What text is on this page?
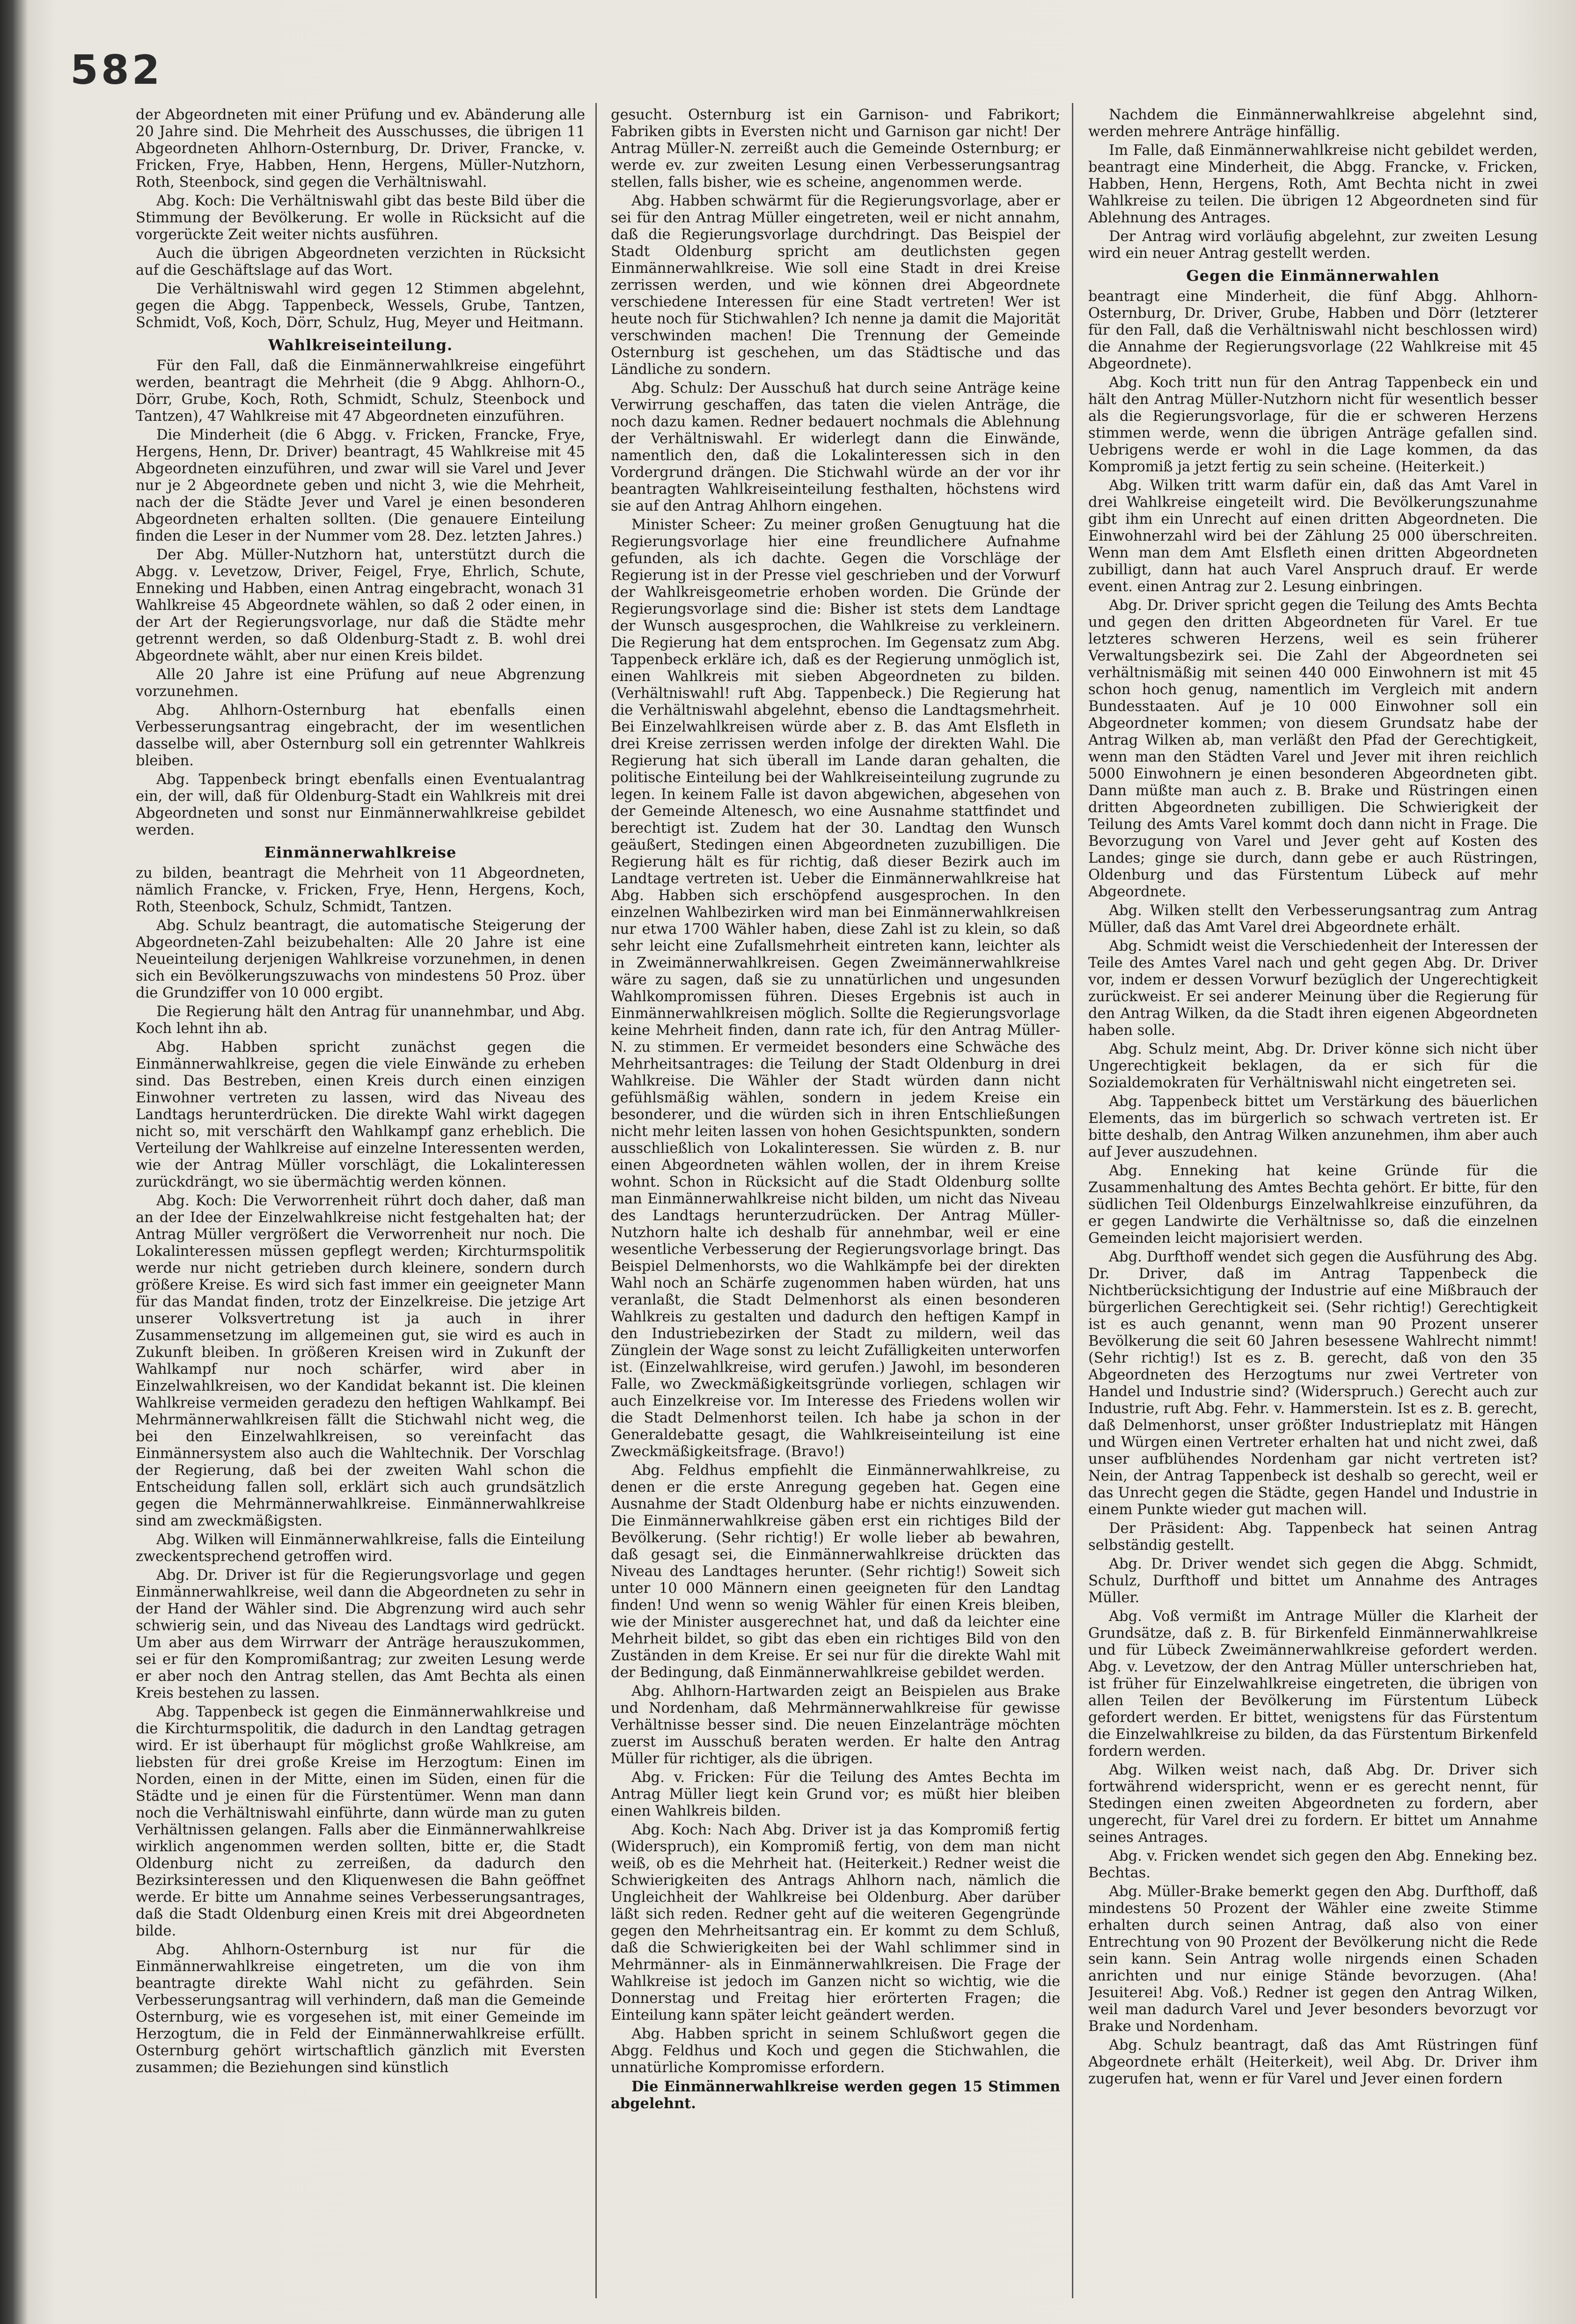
582

der Abgeordneten mit einer Prüfung und ev. Abänderung alle 20 Jahre sind. Die Mehrheit des Ausschusses, die übrigen 11 Abgeordneten Ahlhorn-Osternburg, Dr. Driver, Francke, v. Fricken, Frye, Habben, Henn, Hergens, Müller-Nutzhorn, Roth, Steenbock, sind gegen die Verhältniswahl.

Abg. Koch: Die Verhältniswahl gibt das beste Bild über die Stimmung der Bevölkerung. Er wolle in Rücksicht auf die vorgerückte Zeit weiter nichts ausführen.

Auch die übrigen Abgeordneten verzichten in Rücksicht auf die Geschäftslage auf das Wort.

Die Verhältniswahl wird gegen 12 Stimmen abgelehnt, gegen die Abgg. Tappenbeck, Wessels, Grube, Tantzen, Schmidt, Voß, Koch, Dörr, Schulz, Hug, Meyer und Heitmann.

Wahlkreiseinteilung.

Für den Fall, daß die Einmännerwahlkreise eingeführt werden, beantragt die Mehrheit (die 9 Abgg. Ahlhorn-O., Dörr, Grube, Koch, Roth, Schmidt, Schulz, Steenbock und Tantzen), 47 Wahlkreise mit 47 Abgeordneten einzuführen.

Die Minderheit (die 6 Abgg. v. Fricken, Francke, Frye, Hergens, Henn, Dr. Driver) beantragt, 45 Wahlkreise mit 45 Abgeordneten einzuführen, und zwar will sie Varel und Jever nur je 2 Abgeordnete geben und nicht 3, wie die Mehrheit, nach der die Städte Jever und Varel je einen besonderen Abgeordneten erhalten sollten. (Die genauere Einteilung finden die Leser in der Nummer vom 28. Dez. letzten Jahres.)

Der Abg. Müller-Nutzhorn hat, unterstützt durch die Abgg. v. Levetzow, Driver, Feigel, Frye, Ehrlich, Schute, Enneking und Habben, einen Antrag eingebracht, wonach 31 Wahlkreise 45 Abgeordnete wählen, so daß 2 oder einen, in der Art der Regierungsvorlage, nur daß die Städte mehr getrennt werden, so daß Oldenburg-Stadt z. B. wohl drei Abgeordnete wählt, aber nur einen Kreis bildet.

Alle 20 Jahre ist eine Prüfung auf neue Abgrenzung vorzunehmen.

Abg. Ahlhorn-Osternburg hat ebenfalls einen Verbesserungsantrag eingebracht, der im wesentlichen dasselbe will, aber Osternburg soll ein getrennter Wahlkreis bleiben.

Abg. Tappenbeck bringt ebenfalls einen Eventualantrag ein, der will, daß für Oldenburg-Stadt ein Wahlkreis mit drei Abgeordneten und sonst nur Einmännerwahlkreise gebildet werden.

Einmännerwahlkreise

zu bilden, beantragt die Mehrheit von 11 Abgeordneten, nämlich Francke, v. Fricken, Frye, Henn, Hergens, Koch, Roth, Steenbock, Schulz, Schmidt, Tantzen.

Abg. Schulz beantragt, die automatische Steigerung der Abgeordneten-Zahl beizubehalten: Alle 20 Jahre ist eine Neueinteilung derjenigen Wahlkreise vorzunehmen, in denen sich ein Bevölkerungszuwachs von mindestens 50 Proz. über die Grundziffer von 10 000 ergibt.

Die Regierung hält den Antrag für unannehmbar, und Abg. Koch lehnt ihn ab.

Abg. Habben spricht zunächst gegen die Einmännerwahlkreise, gegen die viele Einwände zu erheben sind. Das Bestreben, einen Kreis durch einen einzigen Einwohner vertreten zu lassen, wird das Niveau des Landtags herunterdrücken. Die direkte Wahl wirkt dagegen nicht so, mit verschärft den Wahlkampf ganz erheblich. Die Verteilung der Wahlkreise auf einzelne Interessenten werden, wie der Antrag Müller vorschlägt, die Lokalinteressen zurückdrängt, wo sie übermächtig werden können.

Abg. Koch: Die Verworrenheit rührt doch daher, daß man an der Idee der Einzelwahlkreise nicht festgehalten hat; der Antrag Müller vergrößert die Verworrenheit nur noch. Die Lokalinteressen müssen gepflegt werden; Kirchturmspolitik werde nur nicht getrieben durch kleinere, sondern durch größere Kreise. Es wird sich fast immer ein geeigneter Mann für das Mandat finden, trotz der Einzelkreise. Die jetzige Art unserer Volksvertretung ist ja auch in ihrer Zusammensetzung im allgemeinen gut, sie wird es auch in Zukunft bleiben. In größeren Kreisen wird in Zukunft der Wahlkampf nur noch schärfer, wird aber in Einzelwahlkreisen, wo der Kandidat bekannt ist. Die kleinen Wahlkreise vermeiden geradezu den heftigen Wahlkampf. Bei Mehrmännerwahlkreisen fällt die Stichwahl nicht weg, die bei den Einzelwahlkreisen, so vereinfacht das Einmännersystem also auch die Wahltechnik. Der Vorschlag der Regierung, daß bei der zweiten Wahl schon die Entscheidung fallen soll, erklärt sich auch grundsätzlich gegen die Mehrmännerwahlkreise. Einmännerwahlkreise sind am zweckmäßigsten.

Abg. Wilken will Einmännerwahlkreise, falls die Einteilung zweckentsprechend getroffen wird.

Abg. Dr. Driver ist für die Regierungsvorlage und gegen Einmännerwahlkreise, weil dann die Abgeordneten zu sehr in der Hand der Wähler sind. Die Abgrenzung wird auch sehr schwierig sein, und das Niveau des Landtags wird gedrückt. Um aber aus dem Wirrwarr der Anträge herauszukommen, sei er für den Kompromißantrag; zur zweiten Lesung werde er aber noch den Antrag stellen, das Amt Bechta als einen Kreis bestehen zu lassen.

Abg. Tappenbeck ist gegen die Einmännerwahlkreise und die Kirchturmspolitik, die dadurch in den Landtag getragen wird. Er ist überhaupt für möglichst große Wahlkreise, am liebsten für drei große Kreise im Herzogtum: Einen im Norden, einen in der Mitte, einen im Süden, einen für die Städte und je einen für die Fürstentümer. Wenn man dann noch die Verhältniswahl einführte, dann würde man zu guten Verhältnissen gelangen. Falls aber die Einmännerwahlkreise wirklich angenommen werden sollten, bitte er, die Stadt Oldenburg nicht zu zerreißen, da dadurch den Bezirksinteressen und den Kliquenwesen die Bahn geöffnet werde. Er bitte um Annahme seines Verbesserungsantrages, daß die Stadt Oldenburg einen Kreis mit drei Abgeordneten bilde.

Abg. Ahlhorn-Osternburg ist nur für die Einmännerwahlkreise eingetreten, um die von ihm beantragte direkte Wahl nicht zu gefährden. Sein Verbesserungsantrag will verhindern, daß man die Gemeinde Osternburg, wie es vorgesehen ist, mit einer Gemeinde im Herzogtum, die in Feld der Einmännerwahlkreise erfüllt. Osternburg gehört wirtschaftlich gänzlich mit Eversten zusammen; die Beziehungen sind künstlich

gesucht. Osternburg ist ein Garnison- und Fabrikort; Fabriken gibts in Eversten nicht und Garnison gar nicht! Der Antrag Müller-N. zerreißt auch die Gemeinde Osternburg; er werde ev. zur zweiten Lesung einen Verbesserungsantrag stellen, falls bisher, wie es scheine, angenommen werde.

Abg. Habben schwärmt für die Regierungsvorlage, aber er sei für den Antrag Müller eingetreten, weil er nicht annahm, daß die Regierungsvorlage durchdringt. Das Beispiel der Stadt Oldenburg spricht am deutlichsten gegen Einmännerwahlkreise. Wie soll eine Stadt in drei Kreise zerrissen werden, und wie können drei Abgeordnete verschiedene Interessen für eine Stadt vertreten! Wer ist heute noch für Stichwahlen? Ich nenne ja damit die Majorität verschwinden machen! Die Trennung der Gemeinde Osternburg ist geschehen, um das Städtische und das Ländliche zu sondern.

Abg. Schulz: Der Ausschuß hat durch seine Anträge keine Verwirrung geschaffen, das taten die vielen Anträge, die noch dazu kamen. Redner bedauert nochmals die Ablehnung der Verhältniswahl. Er widerlegt dann die Einwände, namentlich den, daß die Lokalinteressen sich in den Vordergrund drängen. Die Stichwahl würde an der vor ihr beantragten Wahlkreiseinteilung festhalten, höchstens wird sie auf den Antrag Ahlhorn eingehen.

Minister Scheer: Zu meiner großen Genugtuung hat die Regierungsvorlage hier eine freundlichere Aufnahme gefunden, als ich dachte. Gegen die Vorschläge der Regierung ist in der Presse viel geschrieben und der Vorwurf der Wahlkreisgeometrie erhoben worden. Die Gründe der Regierungsvorlage sind die: Bisher ist stets dem Landtage der Wunsch ausgesprochen, die Wahlkreise zu verkleinern. Die Regierung hat dem entsprochen. Im Gegensatz zum Abg. Tappenbeck erkläre ich, daß es der Regierung unmöglich ist, einen Wahlkreis mit sieben Abgeordneten zu bilden. (Verhältniswahl! ruft Abg. Tappenbeck.) Die Regierung hat die Verhältniswahl abgelehnt, ebenso die Landtagsmehrheit. Bei Einzelwahlkreisen würde aber z. B. das Amt Elsfleth in drei Kreise zerrissen werden infolge der direkten Wahl. Die Regierung hat sich überall im Lande daran gehalten, die politische Einteilung bei der Wahlkreiseinteilung zugrunde zu legen. In keinem Falle ist davon abgewichen, abgesehen von der Gemeinde Altenesch, wo eine Ausnahme stattfindet und berechtigt ist. Zudem hat der 30. Landtag den Wunsch geäußert, Stedingen einen Abgeordneten zuzubilligen. Die Regierung hält es für richtig, daß dieser Bezirk auch im Landtage vertreten ist. Ueber die Einmännerwahlkreise hat Abg. Habben sich erschöpfend ausgesprochen. In den einzelnen Wahlbezirken wird man bei Einmännerwahlkreisen nur etwa 1700 Wähler haben, diese Zahl ist zu klein, so daß sehr leicht eine Zufallsmehrheit eintreten kann, leichter als in Zweimännerwahlkreisen. Gegen Zweimännerwahlkreise wäre zu sagen, daß sie zu unnatürlichen und ungesunden Wahlkompromissen führen. Dieses Ergebnis ist auch in Einmännerwahlkreisen möglich. Sollte die Regierungsvorlage keine Mehrheit finden, dann rate ich, für den Antrag Müller-N. zu stimmen. Er vermeidet besonders eine Schwäche des Mehrheitsantrages: die Teilung der Stadt Oldenburg in drei Wahlkreise. Die Wähler der Stadt würden dann nicht gefühlsmäßig wählen, sondern in jedem Kreise ein besonderer, und die würden sich in ihren Entschließungen nicht mehr leiten lassen von hohen Gesichtspunkten, sondern ausschließlich von Lokalinteressen. Sie würden z. B. nur einen Abgeordneten wählen wollen, der in ihrem Kreise wohnt. Schon in Rücksicht auf die Stadt Oldenburg sollte man Einmännerwahlkreise nicht bilden, um nicht das Niveau des Landtags herunterzudrücken. Der Antrag Müller-Nutzhorn halte ich deshalb für annehmbar, weil er eine wesentliche Verbesserung der Regierungsvorlage bringt. Das Beispiel Delmenhorsts, wo die Wahlkämpfe bei der direkten Wahl noch an Schärfe zugenommen haben würden, hat uns veranlaßt, die Stadt Delmenhorst als einen besonderen Wahlkreis zu gestalten und dadurch den heftigen Kampf in den Industriebezirken der Stadt zu mildern, weil das Zünglein der Wage sonst zu leicht Zufälligkeiten unterworfen ist. (Einzelwahlkreise, wird gerufen.) Jawohl, im besonderen Falle, wo Zweckmäßigkeitsgründe vorliegen, schlagen wir auch Einzelkreise vor. Im Interesse des Friedens wollen wir die Stadt Delmenhorst teilen. Ich habe ja schon in der Generaldebatte gesagt, die Wahlkreiseinteilung ist eine Zweckmäßigkeitsfrage. (Bravo!)

Abg. Feldhus empfiehlt die Einmännerwahlkreise, zu denen er die erste Anregung gegeben hat. Gegen eine Ausnahme der Stadt Oldenburg habe er nichts einzuwenden. Die Einmännerwahlkreise gäben erst ein richtiges Bild der Bevölkerung. (Sehr richtig!) Er wolle lieber ab bewahren, daß gesagt sei, die Einmännerwahlkreise drückten das Niveau des Landtages herunter. (Sehr richtig!) Soweit sich unter 10 000 Männern einen geeigneten für den Landtag finden! Und wenn so wenig Wähler für einen Kreis bleiben, wie der Minister ausgerechnet hat, und daß da leichter eine Mehrheit bildet, so gibt das eben ein richtiges Bild von den Zuständen in dem Kreise. Er sei nur für die direkte Wahl mit der Bedingung, daß Einmännerwahlkreise gebildet werden.

Abg. Ahlhorn-Hartwarden zeigt an Beispielen aus Brake und Nordenham, daß Mehrmännerwahlkreise für gewisse Verhältnisse besser sind. Die neuen Einzelanträge möchten zuerst im Ausschuß beraten werden. Er halte den Antrag Müller für richtiger, als die übrigen.

Abg. v. Fricken: Für die Teilung des Amtes Bechta im Antrag Müller liegt kein Grund vor; es müßt hier bleiben einen Wahlkreis bilden.

Abg. Koch: Nach Abg. Driver ist ja das Kompromiß fertig (Widerspruch), ein Kompromiß fertig, von dem man nicht weiß, ob es die Mehrheit hat. (Heiterkeit.) Redner weist die Schwierigkeiten des Antrags Ahlhorn nach, nämlich die Ungleichheit der Wahlkreise bei Oldenburg. Aber darüber läßt sich reden. Redner geht auf die weiteren Gegengründe gegen den Mehrheitsantrag ein. Er kommt zu dem Schluß, daß die Schwierigkeiten bei der Wahl schlimmer sind in Mehrmänner- als in Einmännerwahlkreisen. Die Frage der Wahlkreise ist jedoch im Ganzen nicht so wichtig, wie die Donnerstag und Freitag hier erörterten Fragen; die Einteilung kann später leicht geändert werden.

Abg. Habben spricht in seinem Schlußwort gegen die Abgg. Feldhus und Koch und gegen die Stichwahlen, die unnatürliche Kompromisse erfordern.

Die Einmännerwahlkreise werden gegen 15 Stimmen abgelehnt.

Nachdem die Einmännerwahlkreise abgelehnt sind, werden mehrere Anträge hinfällig.

Im Falle, daß Einmännerwahlkreise nicht gebildet werden, beantragt eine Minderheit, die Abgg. Francke, v. Fricken, Habben, Henn, Hergens, Roth, Amt Bechta nicht in zwei Wahlkreise zu teilen. Die übrigen 12 Abgeordneten sind für Ablehnung des Antrages.

Der Antrag wird vorläufig abgelehnt, zur zweiten Lesung wird ein neuer Antrag gestellt werden.

Gegen die Einmännerwahlen

beantragt eine Minderheit, die fünf Abgg. Ahlhorn-Osternburg, Dr. Driver, Grube, Habben und Dörr (letzterer für den Fall, daß die Verhältniswahl nicht beschlossen wird) die Annahme der Regierungsvorlage (22 Wahlkreise mit 45 Abgeordnete).

Abg. Koch tritt nun für den Antrag Tappenbeck ein und hält den Antrag Müller-Nutzhorn nicht für wesentlich besser als die Regierungsvorlage, für die er schweren Herzens stimmen werde, wenn die übrigen Anträge gefallen sind. Uebrigens werde er wohl in die Lage kommen, da das Kompromiß ja jetzt fertig zu sein scheine. (Heiterkeit.)

Abg. Wilken tritt warm dafür ein, daß das Amt Varel in drei Wahlkreise eingeteilt wird. Die Bevölkerungszunahme gibt ihm ein Unrecht auf einen dritten Abgeordneten. Die Einwohnerzahl wird bei der Zählung 25 000 überschreiten. Wenn man dem Amt Elsfleth einen dritten Abgeordneten zubilligt, dann hat auch Varel Anspruch drauf. Er werde event. einen Antrag zur 2. Lesung einbringen.

Abg. Dr. Driver spricht gegen die Teilung des Amts Bechta und gegen den dritten Abgeordneten für Varel. Er tue letzteres schweren Herzens, weil es sein früherer Verwaltungsbezirk sei. Die Zahl der Abgeordneten sei verhältnismäßig mit seinen 440 000 Einwohnern ist mit 45 schon hoch genug, namentlich im Vergleich mit andern Bundesstaaten. Auf je 10 000 Einwohner soll ein Abgeordneter kommen; von diesem Grundsatz habe der Antrag Wilken ab, man verläßt den Pfad der Gerechtigkeit, wenn man den Städten Varel und Jever mit ihren reichlich 5000 Einwohnern je einen besonderen Abgeordneten gibt. Dann müßte man auch z. B. Brake und Rüstringen einen dritten Abgeordneten zubilligen. Die Schwierigkeit der Teilung des Amts Varel kommt doch dann nicht in Frage. Die Bevorzugung von Varel und Jever geht auf Kosten des Landes; ginge sie durch, dann gebe er auch Rüstringen, Oldenburg und das Fürstentum Lübeck auf mehr Abgeordnete.

Abg. Wilken stellt den Verbesserungsantrag zum Antrag Müller, daß das Amt Varel drei Abgeordnete erhält.

Abg. Schmidt weist die Verschiedenheit der Interessen der Teile des Amtes Varel nach und geht gegen Abg. Dr. Driver vor, indem er dessen Vorwurf bezüglich der Ungerechtigkeit zurückweist. Er sei anderer Meinung über die Regierung für den Antrag Wilken, da die Stadt ihren eigenen Abgeordneten haben solle.

Abg. Schulz meint, Abg. Dr. Driver könne sich nicht über Ungerechtigkeit beklagen, da er sich für die Sozialdemokraten für Verhältniswahl nicht eingetreten sei.

Abg. Tappenbeck bittet um Verstärkung des bäuerlichen Elements, das im bürgerlich so schwach vertreten ist. Er bitte deshalb, den Antrag Wilken anzunehmen, ihm aber auch auf Jever auszudehnen.

Abg. Enneking hat keine Gründe für die Zusammenhaltung des Amtes Bechta gehört. Er bitte, für den südlichen Teil Oldenburgs Einzelwahlkreise einzuführen, da er gegen Landwirte die Verhältnisse so, daß die einzelnen Gemeinden leicht majorisiert werden.

Abg. Durfthoff wendet sich gegen die Ausführung des Abg. Dr. Driver, daß im Antrag Tappenbeck die Nichtberücksichtigung der Industrie auf eine Mißbrauch der bürgerlichen Gerechtigkeit sei. (Sehr richtig!) Gerechtigkeit ist es auch genannt, wenn man 90 Prozent unserer Bevölkerung die seit 60 Jahren besessene Wahlrecht nimmt! (Sehr richtig!) Ist es z. B. gerecht, daß von den 35 Abgeordneten des Herzogtums nur zwei Vertreter von Handel und Industrie sind? (Widerspruch.) Gerecht auch zur Industrie, ruft Abg. Fehr. v. Hammerstein. Ist es z. B. gerecht, daß Delmenhorst, unser größter Industrieplatz mit Hängen und Würgen einen Vertreter erhalten hat und nicht zwei, daß unser aufblühendes Nordenham gar nicht vertreten ist? Nein, der Antrag Tappenbeck ist deshalb so gerecht, weil er das Unrecht gegen die Städte, gegen Handel und Industrie in einem Punkte wieder gut machen will.

Der Präsident: Abg. Tappenbeck hat seinen Antrag selbständig gestellt.

Abg. Dr. Driver wendet sich gegen die Abgg. Schmidt, Schulz, Durfthoff und bittet um Annahme des Antrages Müller.

Abg. Voß vermißt im Antrage Müller die Klarheit der Grundsätze, daß z. B. für Birkenfeld Einmännerwahlkreise und für Lübeck Zweimännerwahlkreise gefordert werden. Abg. v. Levetzow, der den Antrag Müller unterschrieben hat, ist früher für Einzelwahlkreise eingetreten, die übrigen von allen Teilen der Bevölkerung im Fürstentum Lübeck gefordert werden. Er bittet, wenigstens für das Fürstentum die Einzelwahlkreise zu bilden, da das Fürstentum Birkenfeld fordern werden.

Abg. Wilken weist nach, daß Abg. Dr. Driver sich fortwährend widerspricht, wenn er es gerecht nennt, für Stedingen einen zweiten Abgeordneten zu fordern, aber ungerecht, für Varel drei zu fordern. Er bittet um Annahme seines Antrages.

Abg. v. Fricken wendet sich gegen den Abg. Enneking bez. Bechtas.

Abg. Müller-Brake bemerkt gegen den Abg. Durfthoff, daß mindestens 50 Prozent der Wähler eine zweite Stimme erhalten durch seinen Antrag, daß also von einer Entrechtung von 90 Prozent der Bevölkerung nicht die Rede sein kann. Sein Antrag wolle nirgends einen Schaden anrichten und nur einige Stände bevorzugen. (Aha! Jesuiterei! Abg. Voß.) Redner ist gegen den Antrag Wilken, weil man dadurch Varel und Jever besonders bevorzugt vor Brake und Nordenham.

Abg. Schulz beantragt, daß das Amt Rüstringen fünf Abgeordnete erhält (Heiterkeit), weil Abg. Dr. Driver ihm zugerufen hat, wenn er für Varel und Jever einen fordern
